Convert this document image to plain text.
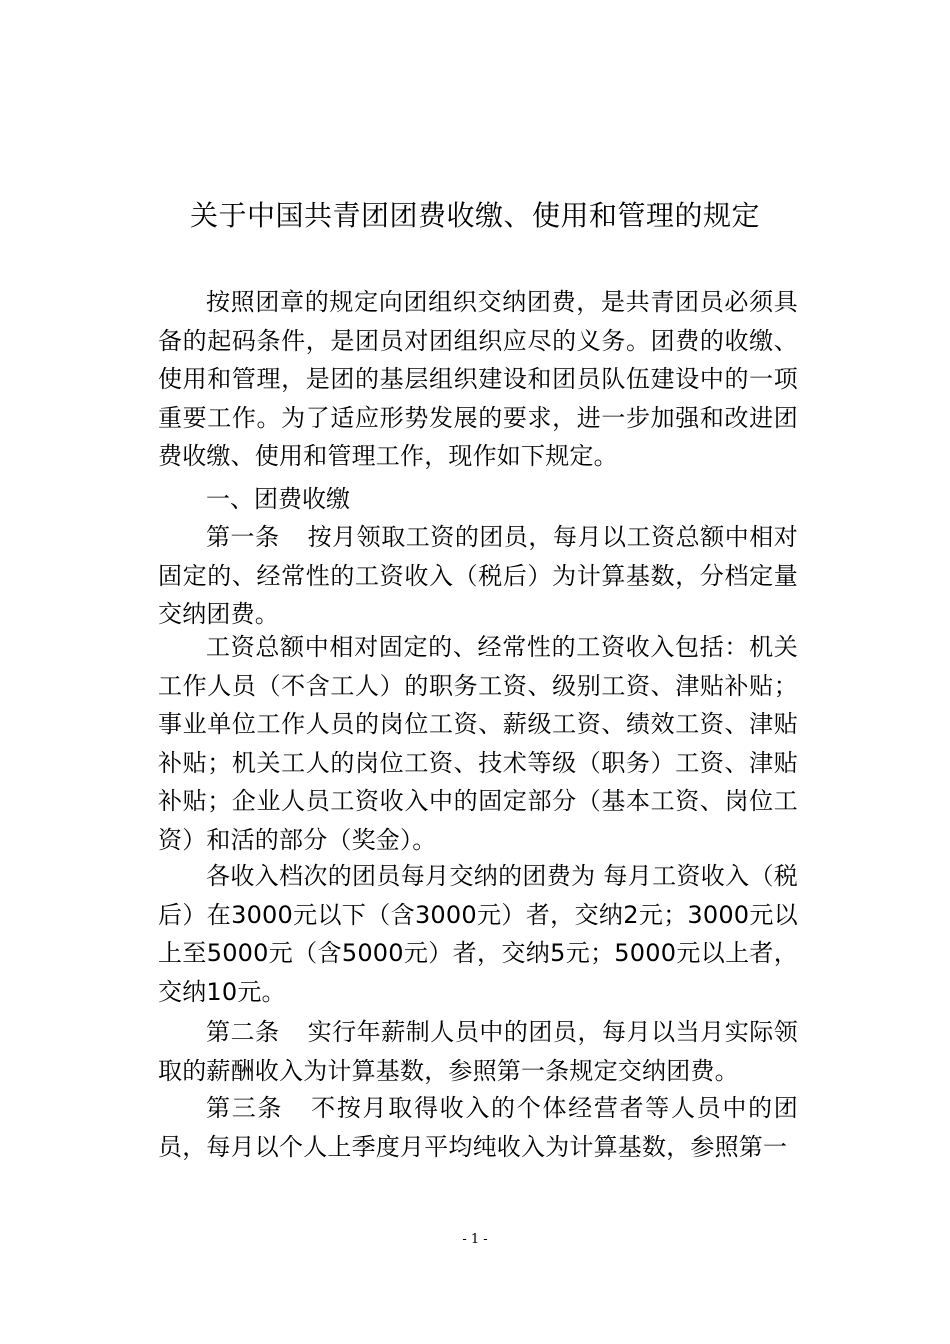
关于中国共青团团费收缴、使用和管理的规定
按照团章的规定向团组织交纳团费，是共青团员必须具备的起码条件，是团员对团组织应尽的义务。团费的收缴、使用和管理，是团的基层组织建设和团员队伍建设中的一项重要工作。为了适应形势发展的要求，进一步加强和改进团费收缴、使用和管理工作，现作如下规定。
一、团费收缴
第一条 按月领取工资的团员，每月以工资总额中相对固定的、经常性的工资收入（税后）为计算基数，分档定量交纳团费。
工资总额中相对固定的、经常性的工资收入包括：机关工作人员（不含工人）的职务工资、级别工资、津贴补贴；事业单位工作人员的岗位工资、薪级工资、绩效工资、津贴补贴；机关工人的岗位工资、技术等级（职务）工资、津贴补贴；企业人员工资收入中的固定部分（基本工资、岗位工资）和活的部分（奖金）。
各收入档次的团员每月交纳的团费为 每月工资收入（税后）在3000元以下（含3000元）者，交纳2元；3000元以上至5000元（含5000元）者，交纳5元；5000元以上者，交纳10元。
第二条 实行年薪制人员中的团员，每月以当月实际领取的薪酬收入为计算基数，参照第一条规定交纳团费。
第三条 不按月取得收入的个体经营者等人员中的团员，每月以个人上季度月平均纯收入为计算基数，参照第一
- 1 -
